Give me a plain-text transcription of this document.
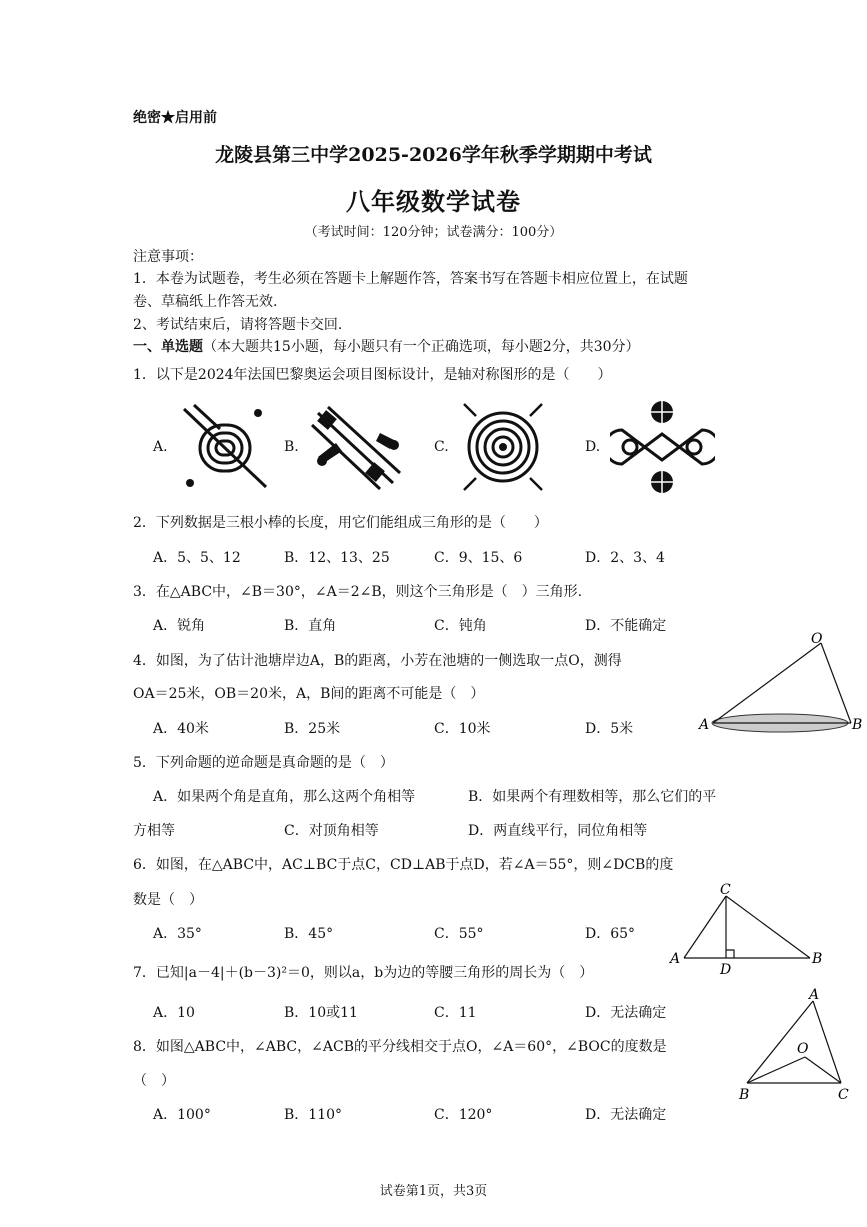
绝密★启用前
龙陵县第三中学2025-2026学年秋季学期期中考试
八年级数学试卷
（考试时间：120分钟；试卷满分：100分）
注意事项：
1．本卷为试题卷，考生必须在答题卡上解题作答，答案书写在答题卡相应位置上，在试题
卷、草稿纸上作答无效.
2、考试结束后，请将答题卡交回.
一、单选题（本大题共15小题，每小题只有一个正确选项，每小题2分，共30分）
1．以下是2024年法国巴黎奥运会项目图标设计，是轴对称图形的是（　　）
A.	B.	C.	D.
2．下列数据是三根小棒的长度，用它们能组成三角形的是（　　）
A．5、5、12	B．12、13、25	C．9、15、6	D．2、3、4
3．在△ABC中，∠B＝30°，∠A＝2∠B，则这个三角形是（　）三角形.
A．锐角	B．直角	C．钝角	D．不能确定
4．如图，为了估计池塘岸边A，B的距离，小芳在池塘的一侧选取一点O，测得
OA＝25米，OB＝20米，A，B间的距离不可能是（　）
A．40米	B．25米	C．10米	D．5米
O
A	B
5．下列命题的逆命题是真命题的是（　）
A．如果两个角是直角，那么这两个角相等	B．如果两个有理数相等，那么它们的平
方相等	C．对顶角相等	D．两直线平行，同位角相等
6．如图，在△ABC中，AC⊥BC于点C，CD⊥AB于点D，若∠A＝55°，则∠DCB的度
数是（　）
A．35°	B．45°	C．55°	D．65°
C
A
D
B
7．已知|a－4|＋(b－3)²＝0，则以a，b为边的等腰三角形的周长为（　）
A．10	B．10或11	C．11	D．无法确定
8．如图△ABC中，∠ABC，∠ACB的平分线相交于点O，∠A＝60°，∠BOC的度数是
（　）
A．100°	B．110°	C．120°	D．无法确定
A
O
B	C
试卷第1页，共3页
